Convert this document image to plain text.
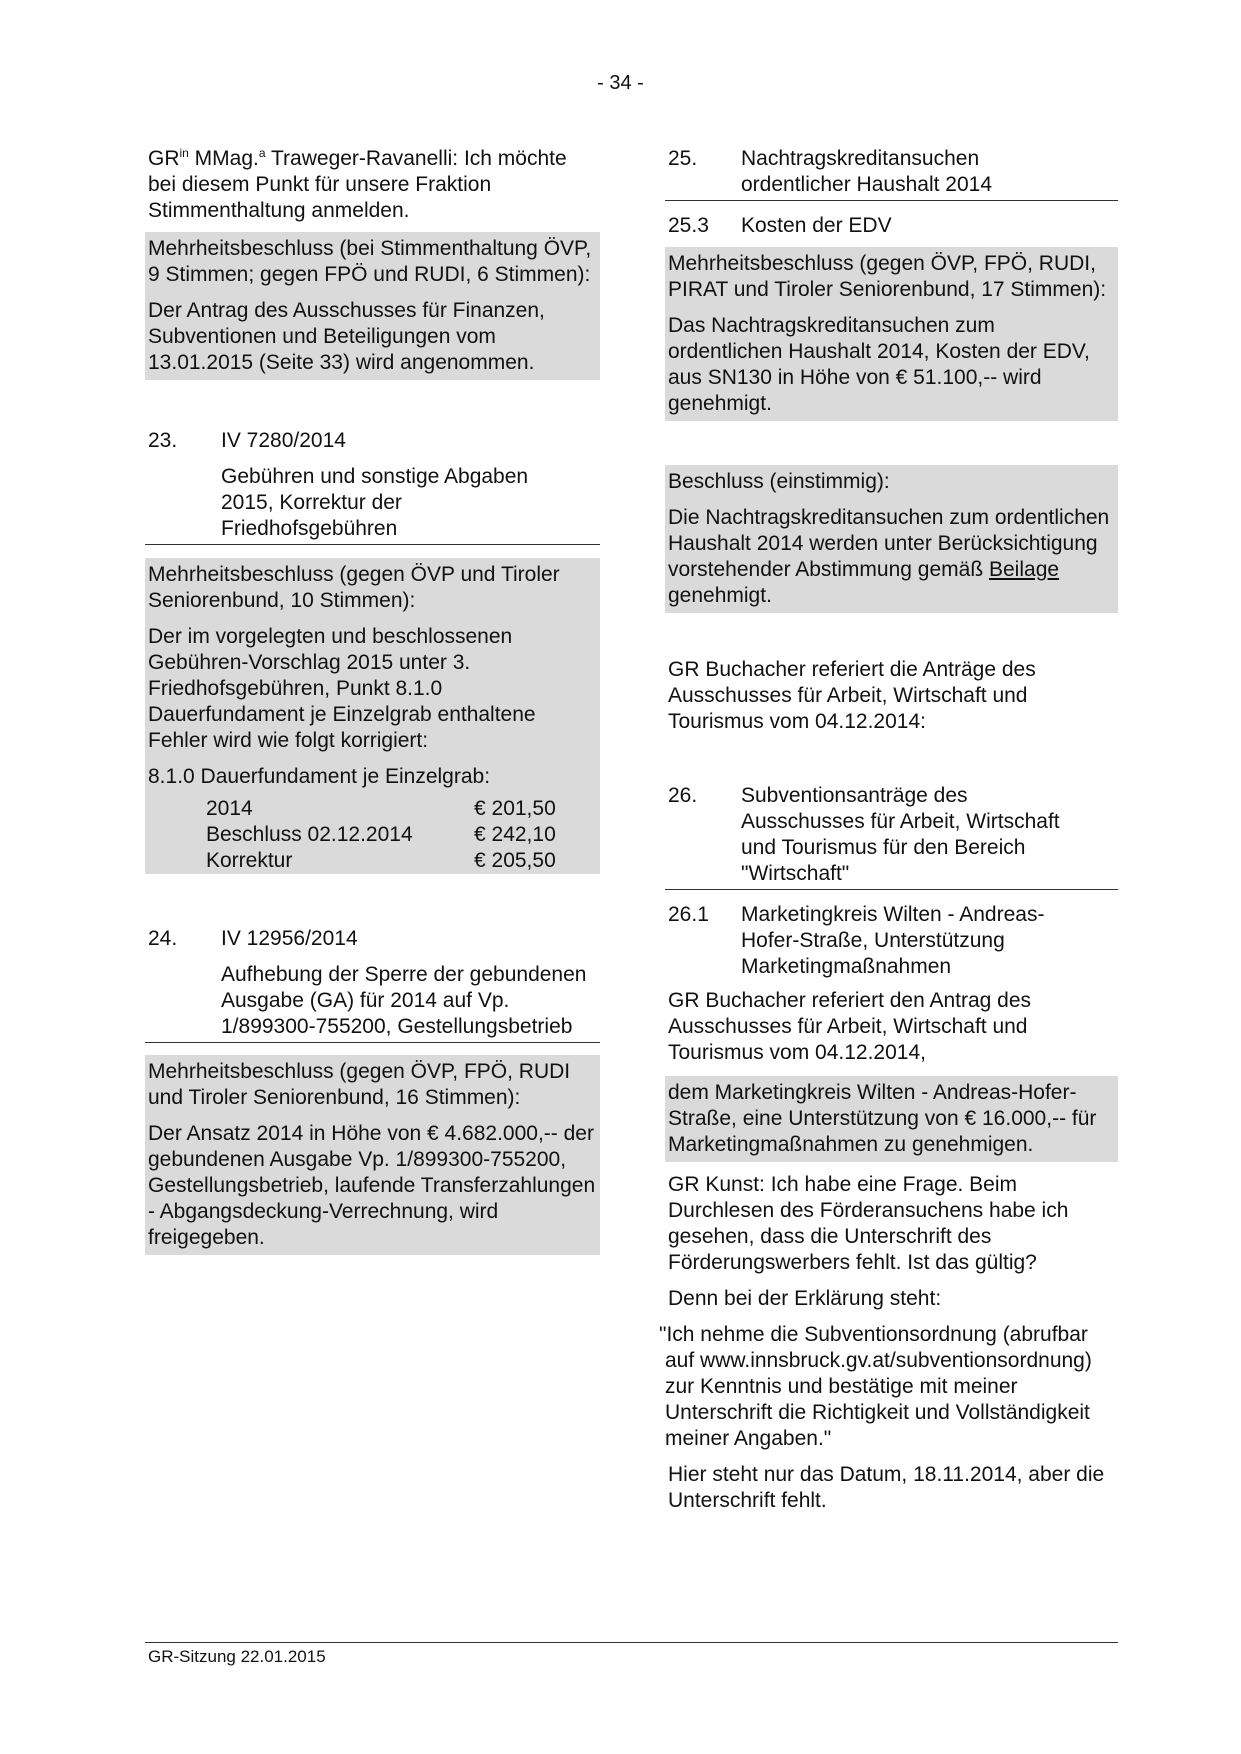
- 34 -

$GR^{in}$ MMag.$^a$ Traweger-Ravanelli: Ich möchte bei diesem Punkt für unsere Fraktion Stimmenthaltung anmelden.

Mehrheitsbeschluss (bei Stimmenthaltung ÖVP, 9 Stimmen; gegen FPÖ und RUDI, 6 Stimmen):

Der Antrag des Ausschusses für Finanzen, Subventionen und Beteiligungen vom 13.01.2015 (Seite 33) wird angenommen.

23.	IV 7280/2014

Gebühren und sonstige Abgaben 2015, Korrektur der Friedhofsgebühren

Mehrheitsbeschluss (gegen ÖVP und Tiroler Seniorenbund, 10 Stimmen):

Der im vorgelegten und beschlossenen Gebühren-Vorschlag 2015 unter 3. Friedhofsgebühren, Punkt 8.1.0 Dauerfundament je Einzelgrab enthaltene Fehler wird wie folgt korrigiert:

8.1.0 Dauerfundament je Einzelgrab:

2014	€ 201,50
Beschluss 02.12.2014	€ 242,10
Korrektur	€ 205,50
24.	IV 12956/2014

Aufhebung der Sperre der gebundenen Ausgabe (GA) für 2014 auf Vp. 1/899300-755200, Gestellungsbetrieb

Mehrheitsbeschluss (gegen ÖVP, FPÖ, RUDI und Tiroler Seniorenbund, 16 Stimmen):

Der Ansatz 2014 in Höhe von € 4.682.000,-- der gebundenen Ausgabe Vp. 1/899300-755200, Gestellungsbetrieb, laufende Transferzahlungen - Abgangsdeckung-Verrechnung, wird freigegeben.

25.	Nachtragskreditansuchen ordentlicher Haushalt 2014
25.3	Kosten der EDV

Mehrheitsbeschluss (gegen ÖVP, FPÖ, RUDI, PIRAT und Tiroler Seniorenbund, 17 Stimmen):

Das Nachtragskreditansuchen zum ordentlichen Haushalt 2014, Kosten der EDV, aus SN130 in Höhe von € 51.100,-- wird genehmigt.

Beschluss (einstimmig):

Die Nachtragskreditansuchen zum ordentlichen Haushalt 2014 werden unter Berücksichtigung vorstehender Abstimmung gemäß Beilage genehmigt.

GR Buchacher referiert die Anträge des Ausschusses für Arbeit, Wirtschaft und Tourismus vom 04.12.2014:

26.	Subventionsanträge des Ausschusses für Arbeit, Wirtschaft und Tourismus für den Bereich "Wirtschaft"
26.1	Marketingkreis Wilten - Andreas-Hofer-Straße, Unterstützung Marketingmaßnahmen

GR Buchacher referiert den Antrag des Ausschusses für Arbeit, Wirtschaft und Tourismus vom 04.12.2014,

dem Marketingkreis Wilten - Andreas-Hofer-Straße, eine Unterstützung von € 16.000,-- für Marketingmaßnahmen zu genehmigen.

GR Kunst: Ich habe eine Frage. Beim Durchlesen des Förderansuchens habe ich gesehen, dass die Unterschrift des Förderungswerbers fehlt. Ist das gültig?

Denn bei der Erklärung steht:

"Ich nehme die Subventionsordnung (abrufbar auf www.innsbruck.gv.at/subventionsordnung) zur Kenntnis und bestätige mit meiner Unterschrift die Richtigkeit und Vollständigkeit meiner Angaben."

Hier steht nur das Datum, 18.11.2014, aber die Unterschrift fehlt.

GR-Sitzung 22.01.2015
